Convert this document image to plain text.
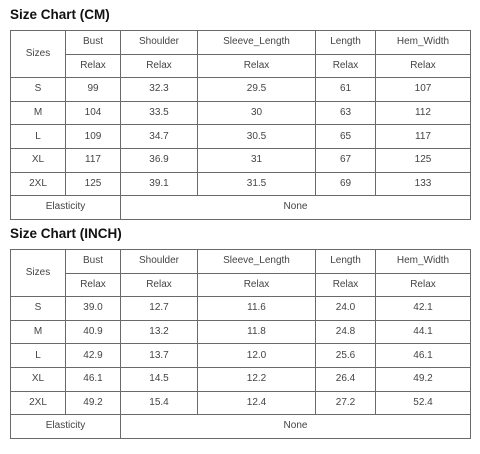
Size Chart (CM)
Sizes	Bust	Shoulder	Sleeve_Length	Length	Hem_Width
	Relax	Relax	Relax	Relax	Relax
S	99	32.3	29.5	61	107
M	104	33.5	30	63	112
L	109	34.7	30.5	65	117
XL	117	36.9	31	67	125
2XL	125	39.1	31.5	69	133
Elasticity		None			
Size Chart (INCH)
Sizes	Bust	Shoulder	Sleeve_Length	Length	Hem_Width
	Relax	Relax	Relax	Relax	Relax
S	39.0	12.7	11.6	24.0	42.1
M	40.9	13.2	11.8	24.8	44.1
L	42.9	13.7	12.0	25.6	46.1
XL	46.1	14.5	12.2	26.4	49.2
2XL	49.2	15.4	12.4	27.2	52.4
Elasticity		None			
